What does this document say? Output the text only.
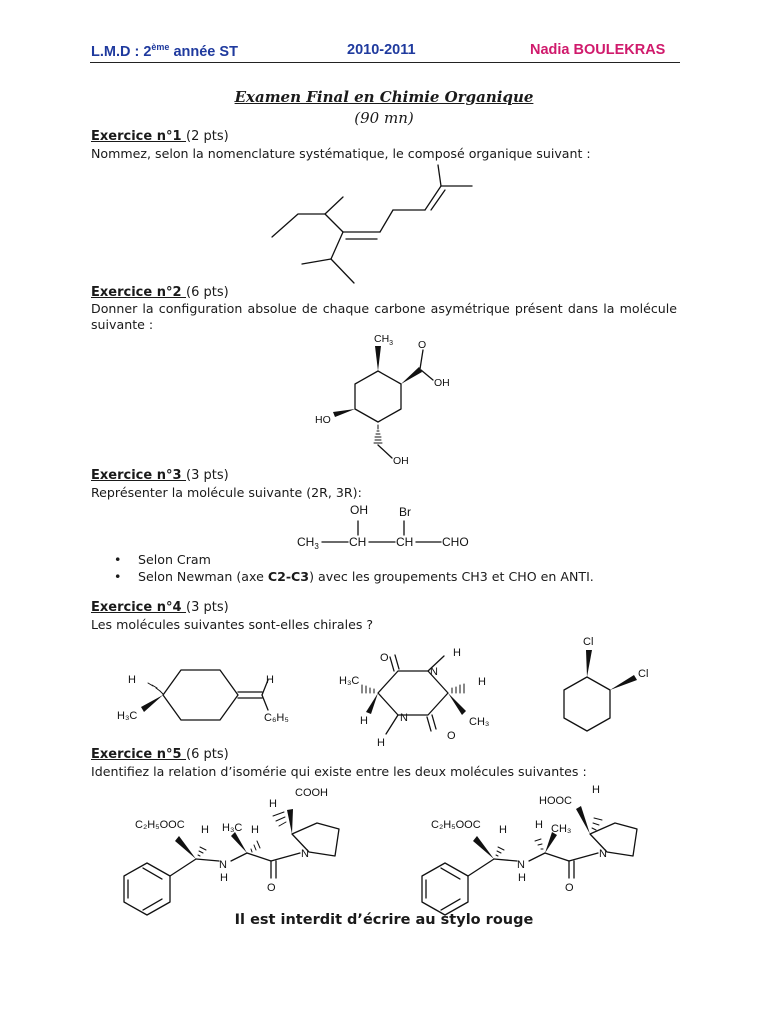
L.M.D : 2ème année ST	2010-2011	Nadia BOULEKRAS
Examen Final en Chimie Organique
(90 mn)
Exercice n°1 (2 pts)
Nommez, selon la nomenclature systématique, le composé organique suivant :
Exercice n°2 (6 pts)
Donner la configuration absolue de chaque carbone asymétrique présent dans la molécule suivante :
Exercice n°3 (3 pts)
Représenter la molécule suivante (2R, 3R):
• Selon Cram
• Selon Newman (axe C2-C3) avec les groupements CH3 et CHO en ANTI.
Exercice n°4 (3 pts)
Les molécules suivantes sont-elles chirales ?
Exercice n°5 (6 pts)
Identifiez la relation d’isomérie qui existe entre les deux molécules suivantes :
Il est interdit d’écrire au stylo rouge
$CH_3$ O
OH
HO
OH
OH	Br
$CH_3$	CH CH CHO
H
H₃C
H
C₆H₅
O
N
H
H₃C	H
H	CH₃
N
O
H
Cl
Cl
C₂H₅OOC H
N
H
H₃C H
O
N
COOH
H
C₂H₅OOC H
N
H
H CH₃
O
N
HOOC
H
